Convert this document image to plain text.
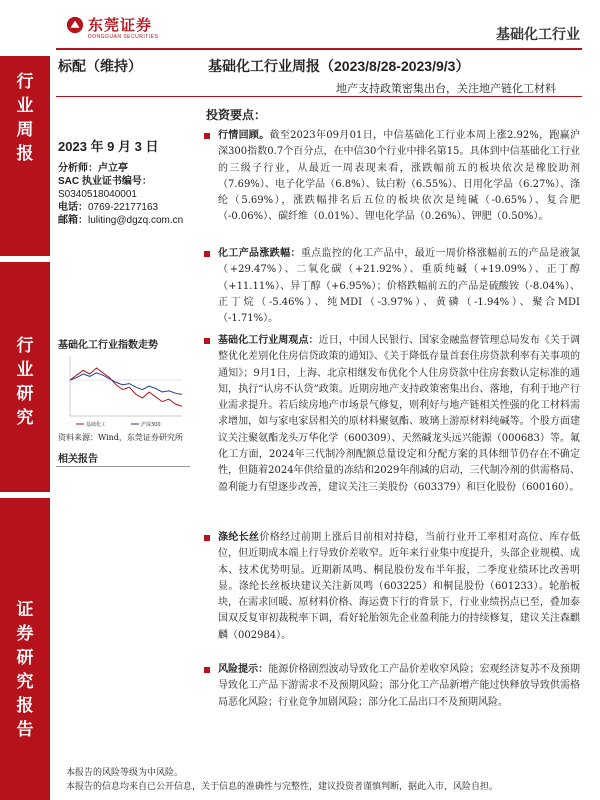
行
业
周
报
行
业
研
究
证
券
研
究
报
告
东莞证券
DONGGUAN SECURITIES	基础化工行业
标配（维持）	基础化工行业周报（2023/8/28-2023/9/3）
地产支持政策密集出台，关注地产链化工材料
投资要点：
2023 年 9 月 3 日
分析师：卢立亭
SAC 执业证书编号：
S0340518040001
电话：0769-22177163
邮箱：luliting@dgzq.com.cn
基础化工行业指数走势
基础化工	沪深300
资料来源：Wind，东莞证券研究所
相关报告
行情回顾。截至2023年09月01日，中信基础化工行业本周上涨2.92%，跑赢沪深300指数0.7个百分点，在中信30个行业中排名第15。具体到中信基础化工行业的三级子行业，从最近一周表现来看，涨跌幅前五的板块依次是橡胶助剂（7.69%）、电子化学品（6.8%）、钛白粉（6.55%）、日用化学品（6.27%）、涤纶（5.69%），涨跌幅排名后五位的板块依次是纯碱（-0.65%）、复合肥（-0.06%）、碳纤维（0.01%）、锂电化学品（0.26%）、钾肥（0.50%）。
化工产品涨跌幅：重点监控的化工产品中，最近一周价格涨幅前五的产品是液氯（+29.47%）、二氧化碳（+21.92%）、重质纯碱（+19.09%）、正丁醇（+11.11%）、异丁醇（+6.95%）；价格跌幅前五的产品是硫酸铵（-8.04%）、正丁烷（-5.46%）、纯MDI（-3.97%）、黄磷（-1.94%）、聚合MDI（-1.71%）。
基础化工行业周观点：近日，中国人民银行、国家金融监督管理总局发布《关于调整优化差别化住房信贷政策的通知》、《关于降低存量首套住房贷款利率有关事项的通知》；9月1日，上海、北京相继发布优化个人住房贷款中住房套数认定标准的通知，执行“认房不认贷”政策。近期房地产支持政策密集出台、落地，有利于地产行业需求提升。若后续房地产市场景气修复，则利好与地产链相关性强的化工材料需求增加，如与家电家居相关的原材料聚氨酯、玻璃上游原材料纯碱等。个股方面建议关注聚氨酯龙头万华化学（600309）、天然碱龙头远兴能源（000683）等。氟化工方面，2024年三代制冷剂配额总量设定和分配方案的具体细节仍存在不确定性，但随着2024年供给量的冻结和2029年削减的启动，三代制冷剂的供需格局、盈利能力有望逐步改善，建议关注三美股份（603379）和巨化股份（600160）。
涤纶长丝价格经过前期上涨后目前相对持稳，当前行业开工率相对高位、库存低位，但近期成本端上行导致价差收窄。近年来行业集中度提升，头部企业规模、成本、技术优势明显。近期新凤鸣、桐昆股份发布半年报，二季度业绩环比改善明显。涤纶长丝板块建议关注新凤鸣（603225）和桐昆股份（601233）。轮胎板块，在需求回暖、原材料价格、海运费下行的背景下，行业业绩拐点已至，叠加泰国双反复审初裁税率下调，看好轮胎领先企业盈利能力的持续修复，建议关注森麒麟（002984）。
风险提示：能源价格剧烈波动导致化工产品价差收窄风险；宏观经济复苏不及预期导致化工产品下游需求不及预期风险；部分化工产品新增产能过快释放导致供需格局恶化风险；行业竞争加剧风险；部分化工品出口不及预期风险。
本报告的风险等级为中风险。
本报告的信息均来自已公开信息，关于信息的准确性与完整性，建议投资者谨慎判断，据此入市，风险自担。
